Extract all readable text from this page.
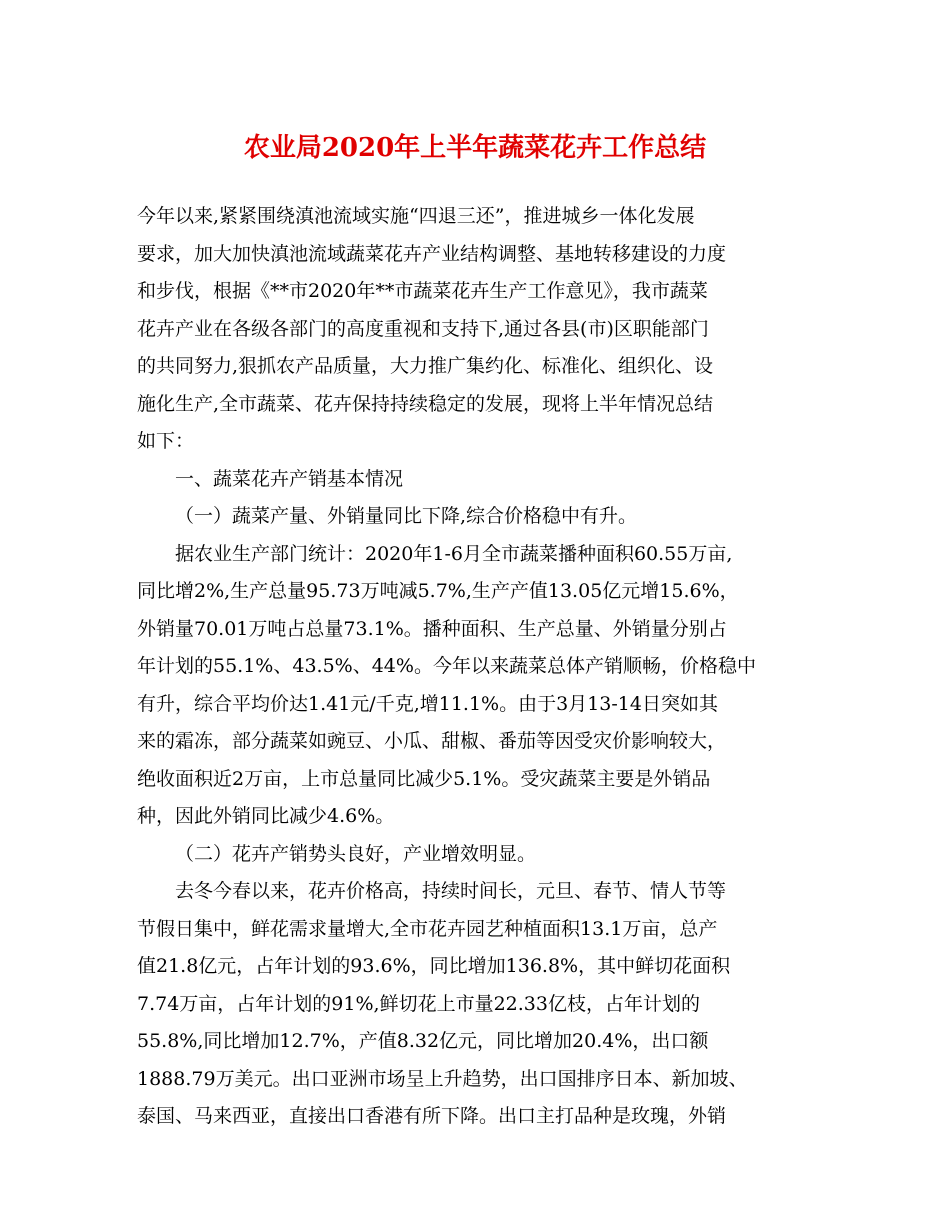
农业局2020年上半年蔬菜花卉工作总结
今年以来,紧紧围绕滇池流域实施“四退三还”，推进城乡一体化发展
要求，加大加快滇池流域蔬菜花卉产业结构调整、基地转移建设的力度
和步伐，根据《**市2020年**市蔬菜花卉生产工作意见》，我市蔬菜
花卉产业在各级各部门的高度重视和支持下,通过各县(市)区职能部门
的共同努力,狠抓农产品质量，大力推广集约化、标准化、组织化、设
施化生产,全市蔬菜、花卉保持持续稳定的发展，现将上半年情况总结
如下：
一、蔬菜花卉产销基本情况
（一）蔬菜产量、外销量同比下降,综合价格稳中有升。
据农业生产部门统计：2020年1-6月全市蔬菜播种面积60.55万亩,
同比增2%,生产总量95.73万吨减5.7%,生产产值13.05亿元增15.6%，
外销量70.01万吨占总量73.1%。播种面积、生产总量、外销量分别占
年计划的55.1%、43.5%、44%。今年以来蔬菜总体产销顺畅，价格稳中
有升，综合平均价达1.41元/千克,增11.1%。由于3月13-14日突如其
来的霜冻，部分蔬菜如豌豆、小瓜、甜椒、番茄等因受灾价影响较大，
绝收面积近2万亩，上市总量同比减少5.1%。受灾蔬菜主要是外销品
种，因此外销同比减少4.6%。
（二）花卉产销势头良好，产业增效明显。
去冬今春以来，花卉价格高，持续时间长，元旦、春节、情人节等
节假日集中，鲜花需求量增大,全市花卉园艺种植面积13.1万亩，总产
值21.8亿元，占年计划的93.6%，同比增加136.8%，其中鲜切花面积
7.74万亩，占年计划的91%,鲜切花上市量22.33亿枝，占年计划的
55.8%,同比增加12.7%，产值8.32亿元，同比增加20.4%，出口额
1888.79万美元。出口亚洲市场呈上升趋势，出口国排序日本、新加坡、
泰国、马来西亚，直接出口香港有所下降。出口主打品种是玫瑰，外销
